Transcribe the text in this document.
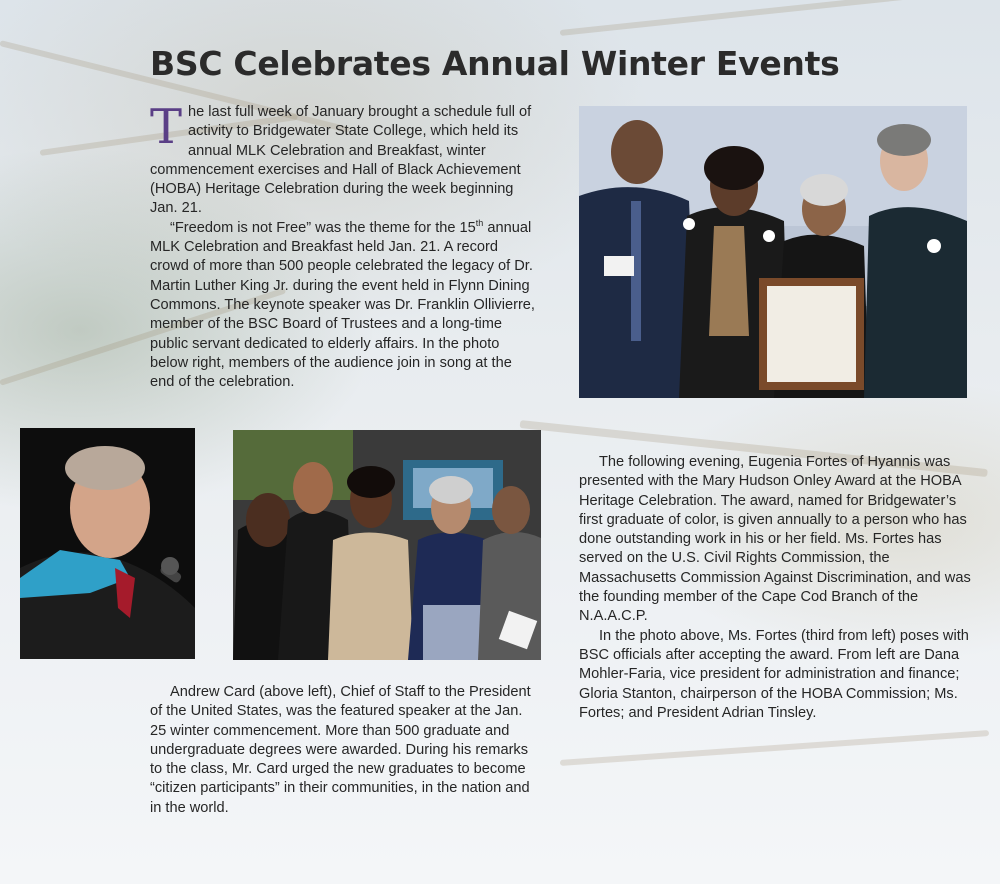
BSC Celebrates Annual Winter Events

The last full week of January brought a schedule full of activity to Bridgewater State College, which held its annual MLK Celebration and Breakfast, winter commencement exercises and Hall of Black Achievement (HOBA) Heritage Celebration during the week beginning Jan. 21.

“Freedom is not Free” was the theme for the 15th annual MLK Celebration and Breakfast held Jan. 21. A record crowd of more than 500 people celebrated the legacy of Dr. Martin Luther King Jr. during the event held in Flynn Dining Commons. The keynote speaker was Dr. Franklin Ollivierre, member of the BSC Board of Trustees and a long-time public servant dedicated to elderly affairs. In the photo below right, members of the audience join in song at the end of the celebration.

Andrew Card (above left), Chief of Staff to the President of the United States, was the featured speaker at the Jan. 25 winter commencement. More than 500 graduate and undergraduate degrees were awarded. During his remarks to the class, Mr. Card urged the new graduates to become “citizen participants” in their communities, in the nation and in the world.

The following evening, Eugenia Fortes of Hyannis was presented with the Mary Hudson Onley Award at the HOBA Heritage Celebration. The award, named for Bridgewater’s first graduate of color, is given annually to a person who has done outstanding work in his or her field. Ms. Fortes has served on the U.S. Civil Rights Commission, the Massachusetts Commission Against Discrimination, and was the founding member of the Cape Cod Branch of the N.A.A.C.P.

In the photo above, Ms. Fortes (third from left) poses with BSC officials after accepting the award. From left are Dana Mohler-Faria, vice president for administration and finance; Gloria Stanton, chairperson of the HOBA Commission; Ms. Fortes; and President Adrian Tinsley.
